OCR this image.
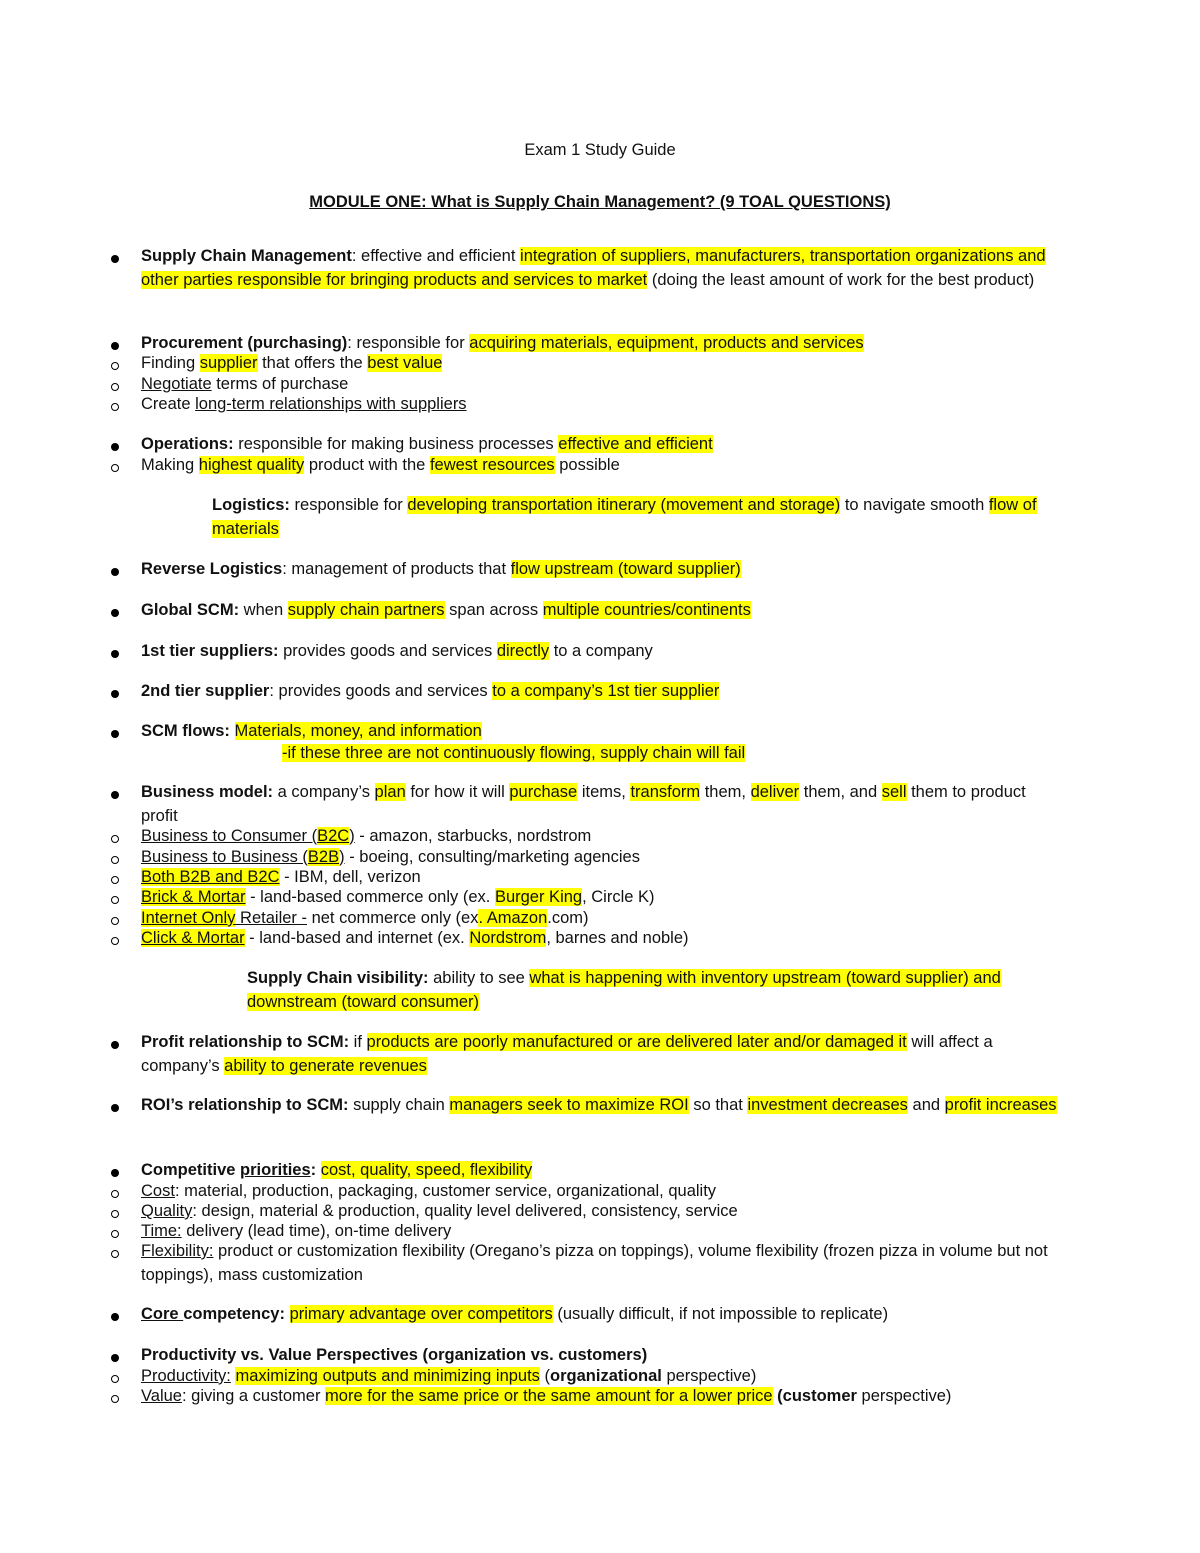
Exam 1 Study Guide
MODULE ONE: What is Supply Chain Management? (9 TOAL QUESTIONS)
Supply Chain Management: effective and efficient integration of suppliers, manufacturers, transportation organizations and other parties responsible for bringing products and services to market (doing the least amount of work for the best product)
Procurement (purchasing): responsible for acquiring materials, equipment, products and services
Finding supplier that offers the best value
Negotiate terms of purchase
Create long-term relationships with suppliers
Operations: responsible for making business processes effective and efficient
Making highest quality product with the fewest resources possible
Logistics: responsible for developing transportation itinerary (movement and storage) to navigate smooth flow of materials
Reverse Logistics: management of products that flow upstream (toward supplier)
Global SCM: when supply chain partners span across multiple countries/continents
1st tier suppliers: provides goods and services directly to a company
2nd tier supplier: provides goods and services to a company’s 1st tier supplier
SCM flows: Materials, money, and information
-if these three are not continuously flowing, supply chain will fail
Business model: a company’s plan for how it will purchase items, transform them, deliver them, and sell them to product profit
Business to Consumer (B2C) - amazon, starbucks, nordstrom
Business to Business (B2B) - boeing, consulting/marketing agencies
Both B2B and B2C - IBM, dell, verizon
Brick & Mortar - land-based commerce only (ex. Burger King, Circle K)
Internet Only Retailer - net commerce only (ex. Amazon.com)
Click & Mortar - land-based and internet (ex. Nordstrom, barnes and noble)
Supply Chain visibility: ability to see what is happening with inventory upstream (toward supplier) and downstream (toward consumer)
Profit relationship to SCM: if products are poorly manufactured or are delivered later and/or damaged it will affect a company’s ability to generate revenues
ROI’s relationship to SCM: supply chain managers seek to maximize ROI so that investment decreases and profit increases
Competitive priorities: cost, quality, speed, flexibility
Cost: material, production, packaging, customer service, organizational, quality
Quality: design, material & production, quality level delivered, consistency, service
Time: delivery (lead time), on-time delivery
Flexibility: product or customization flexibility (Oregano’s pizza on toppings), volume flexibility (frozen pizza in volume but not toppings), mass customization
Core competency: primary advantage over competitors (usually difficult, if not impossible to replicate)
Productivity vs. Value Perspectives (organization vs. customers)
Productivity: maximizing outputs and minimizing inputs (organizational perspective)
Value: giving a customer more for the same price or the same amount for a lower price (customer perspective)
